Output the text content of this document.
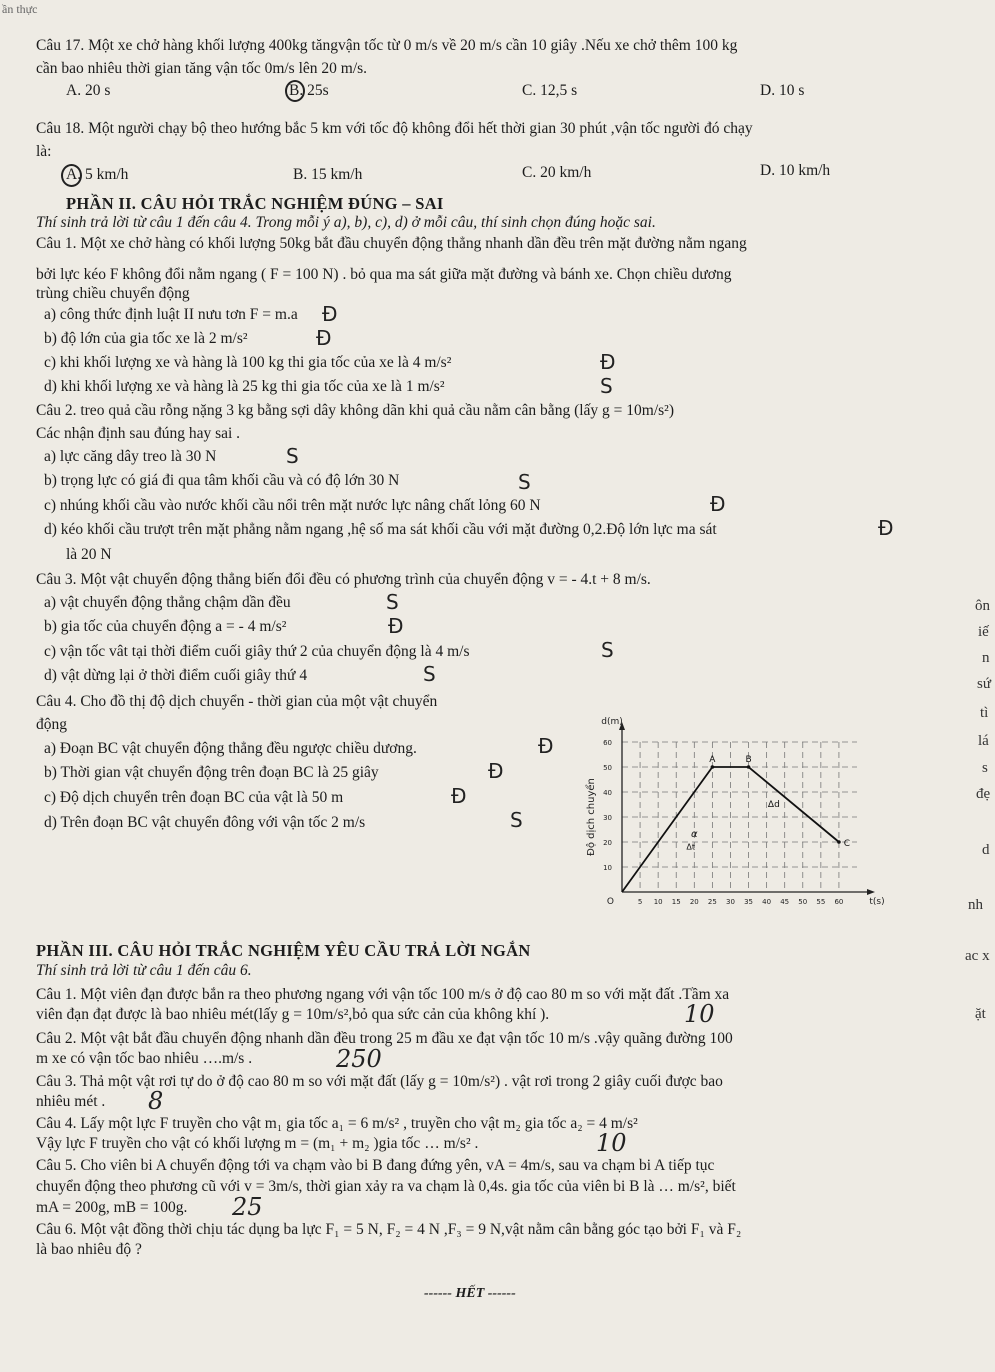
ần thực
Câu 17. Một xe chở hàng khối lượng 400kg tăngvận tốc từ 0 m/s về 20 m/s cần 10 giây .Nếu xe chở thêm 100 kg
cần bao nhiêu thời gian tăng vận tốc 0m/s lên 20 m/s.
A. 20 s	B. 25s	C. 12,5 s	D. 10 s
Câu 18. Một người chạy bộ theo hướng bắc 5 km với tốc độ không đổi hết thời gian 30 phút ,vận tốc người đó chạy
là:
A. 5 km/h	B. 15 km/h	C. 20 km/h	D. 10 km/h
PHẦN II. CÂU HỎI TRẮC NGHIỆM ĐÚNG – SAI
Thí sinh trả lời từ câu 1 đến câu 4. Trong mỗi ý a), b), c), d) ở mỗi câu, thí sinh chọn đúng hoặc sai.
Câu 1. Một xe chở hàng có khối lượng 50kg bắt đầu chuyển động thẳng nhanh dần đều trên mặt đường nằm ngang
bởi lực kéo F không đổi nằm ngang ( F = 100 N) . bỏ qua ma sát giữa mặt đường và bánh xe. Chọn chiều dương
trùng chiều chuyển động
a) công thức định luật II nưu tơn F = m.a Ð
b) độ lớn của gia tốc xe là 2 m/s²	Ð
c) khi khối lượng xe và hàng là 100 kg thi gia tốc của xe là 4 m/s²	Ð
d) khi khối lượng xe và hàng là 25 kg thi gia tốc của xe là 1 m/s²	S
Câu 2. treo quả cầu rỗng nặng 3 kg bằng sợi dây không dãn khi quả cầu nằm cân bằng (lấy g = 10m/s²)
Các nhận định sau đúng hay sai .
a) lực căng dây treo là 30 N	S
b) trọng lực có giá đi qua tâm khối cầu và có độ lớn 30 N	S
c) nhúng khối cầu vào nước khối cầu nổi trên mặt nước lực nâng chất lỏng 60 N	Ð
d) kéo khối cầu trượt trên mặt phẳng nằm ngang ,hệ số ma sát khối cầu với mặt đường 0,2.Độ lớn lực ma sát	Ð
là 20 N
Câu 3. Một vật chuyển động thẳng biến đổi đều có phương trình của chuyển động v = - 4.t + 8 m/s.
a) vật chuyển động thẳng chậm dần đều	S
b) gia tốc của chuyển động a = - 4 m/s²	Ð
c) vận tốc vât tại thời điểm cuối giây thứ 2 của chuyển động là 4 m/s	S
d) vật dừng lại ở thời điểm cuối giây thứ 4	S
Câu 4. Cho đồ thị độ dịch chuyển - thời gian của một vật chuyển
động
a) Đoạn BC vật chuyển động thẳng đều ngược chiều dương.	Ð
b) Thời gian vật chuyển động trên đoạn BC là 25 giây	Ð
c) Độ dịch chuyển trên đoạn BC của vật là 50 m	Ð
d) Trên đoạn BC vật chuyển đông với vận tốc 2 m/s	S
5 10 15 20 25 30 35 40 45 50 55 60
10
20
30
40
50
60
O	t(s)
d(m)
Độ dịch chuyển
A	B
C
Δd
Δt
α
ôn
iế
n
sứ
tì
lá
s
đẹ
d
nh
ac x
ặt
PHẦN III. CÂU HỎI TRẮC NGHIỆM YÊU CẦU TRẢ LỜI NGẮN
Thí sinh trả lời từ câu 1 đến câu 6.
Câu 1. Một viên đạn được bắn ra theo phương ngang với vận tốc 100 m/s ở độ cao 80 m so với mặt đất .Tầm xa
viên đạn đạt được là bao nhiêu mét(lấy g = 10m/s²,bỏ qua sức cản của không khí ).	10
Câu 2. Một vật bắt đầu chuyển động nhanh dần đều trong 25 m đầu xe đạt vận tốc 10 m/s .vậy quãng đường 100
m xe có vận tốc bao nhiêu ….m/s .	250
Câu 3. Thả một vật rơi tự do ở độ cao 80 m so với mặt đất (lấy g = 10m/s²) . vật rơi trong 2 giây cuối được bao
nhiêu mét . 8
Câu 4. Lấy một lực F truyền cho vật m₁ gia tốc a₁ = 6 m/s² , truyền cho vật m₂ gia tốc a₂ = 4 m/s²
Vậy lực F truyền cho vật có khối lượng m = (m₁ + m₂ )gia tốc … m/s² .	10
Câu 5. Cho viên bi A chuyển động tới va chạm vào bi B đang đứng yên, vA = 4m/s, sau va chạm bi A tiếp tục
chuyển động theo phương cũ với v = 3m/s, thời gian xảy ra va chạm là 0,4s. gia tốc của viên bi B là … m/s², biết
mA = 200g, mB = 100g. 25
Câu 6. Một vật đồng thời chịu tác dụng ba lực F₁ = 5 N, F₂ = 4 N ,F₃ = 9 N,vật nằm cân bằng góc tạo bởi F₁ và F₂
là bao nhiêu độ ?
------ HẾT ------
